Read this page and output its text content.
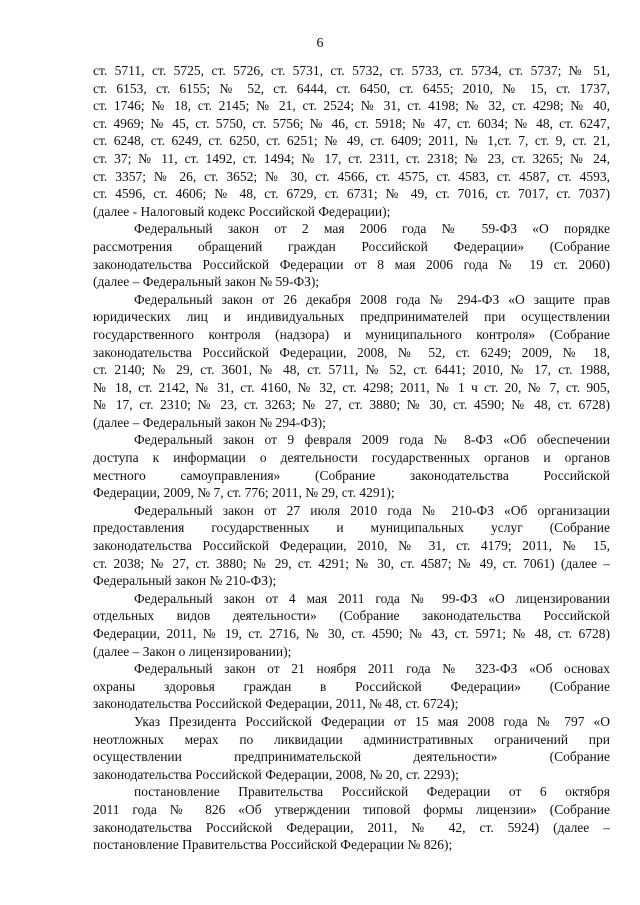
6
ст. 5711, ст. 5725, ст. 5726, ст. 5731, ст. 5732, ст. 5733, ст. 5734, ст. 5737; № 51,
ст. 6153, ст. 6155; № 52, ст. 6444, ст. 6450, ст. 6455; 2010, № 15, ст. 1737,
ст. 1746; № 18, ст. 2145; № 21, ст. 2524; № 31, ст. 4198; № 32, ст. 4298; № 40,
ст. 4969; № 45, ст. 5750, ст. 5756; № 46, ст. 5918; № 47, ст. 6034; № 48, ст. 6247,
ст. 6248, ст. 6249, ст. 6250, ст. 6251; № 49, ст. 6409; 2011, № 1,ст. 7, ст. 9, ст. 21,
ст. 37; № 11, ст. 1492, ст. 1494; № 17, ст. 2311, ст. 2318; № 23, ст. 3265; № 24,
ст. 3357; № 26, ст. 3652; № 30, ст. 4566, ст. 4575, ст. 4583, ст. 4587, ст. 4593,
ст. 4596, ст. 4606; № 48, ст. 6729, ст. 6731; № 49, ст. 7016, ст. 7017, ст. 7037)
(далее - Налоговый кодекс Российской Федерации);
Федеральный закон от 2 мая 2006 года № 59-ФЗ «О порядке
рассмотрения обращений граждан Российской Федерации» (Собрание
законодательства Российской Федерации от 8 мая 2006 года № 19 ст. 2060)
(далее – Федеральный закон № 59-ФЗ);
Федеральный закон от 26 декабря 2008 года № 294-ФЗ «О защите прав
юридических лиц и индивидуальных предпринимателей при осуществлении
государственного контроля (надзора) и муниципального контроля» (Собрание
законодательства Российской Федерации, 2008, № 52, ст. 6249; 2009, № 18,
ст. 2140; № 29, ст. 3601, № 48, ст. 5711, № 52, ст. 6441; 2010, № 17, ст. 1988,
№ 18, ст. 2142, № 31, ст. 4160, № 32, ст. 4298; 2011, № 1 ч ст. 20, № 7, ст. 905,
№ 17, ст. 2310; № 23, ст. 3263; № 27, ст. 3880; № 30, ст. 4590; № 48, ст. 6728)
(далее – Федеральный закон № 294-ФЗ);
Федеральный закон от 9 февраля 2009 года № 8-ФЗ «Об обеспечении
доступа к информации о деятельности государственных органов и органов
местного самоуправления» (Собрание законодательства Российской
Федерации, 2009, № 7, ст. 776; 2011, № 29, ст. 4291);
Федеральный закон от 27 июля 2010 года № 210-ФЗ «Об организации
предоставления государственных и муниципальных услуг (Собрание
законодательства Российской Федерации, 2010, № 31, ст. 4179; 2011, № 15,
ст. 2038; № 27, ст. 3880; № 29, ст. 4291; № 30, ст. 4587; № 49, ст. 7061) (далее –
Федеральный закон № 210-ФЗ);
Федеральный закон от 4 мая 2011 года № 99-ФЗ «О лицензировании
отдельных видов деятельности» (Собрание законодательства Российской
Федерации, 2011, № 19, ст. 2716, № 30, ст. 4590; № 43, ст. 5971; № 48, ст. 6728)
(далее – Закон о лицензировании);
Федеральный закон от 21 ноября 2011 года № 323-ФЗ «Об основах
охраны здоровья граждан в Российской Федерации» (Собрание
законодательства Российской Федерации, 2011, № 48, ст. 6724);
Указ Президента Российской Федерации от 15 мая 2008 года № 797 «О
неотложных мерах по ликвидации административных ограничений при
осуществлении предпринимательской деятельности» (Собрание
законодательства Российской Федерации, 2008, № 20, ст. 2293);
постановление Правительства Российской Федерации от 6 октября
2011 года № 826 «Об утверждении типовой формы лицензии» (Собрание
законодательства Российской Федерации, 2011, № 42, ст. 5924) (далее –
постановление Правительства Российской Федерации № 826);
